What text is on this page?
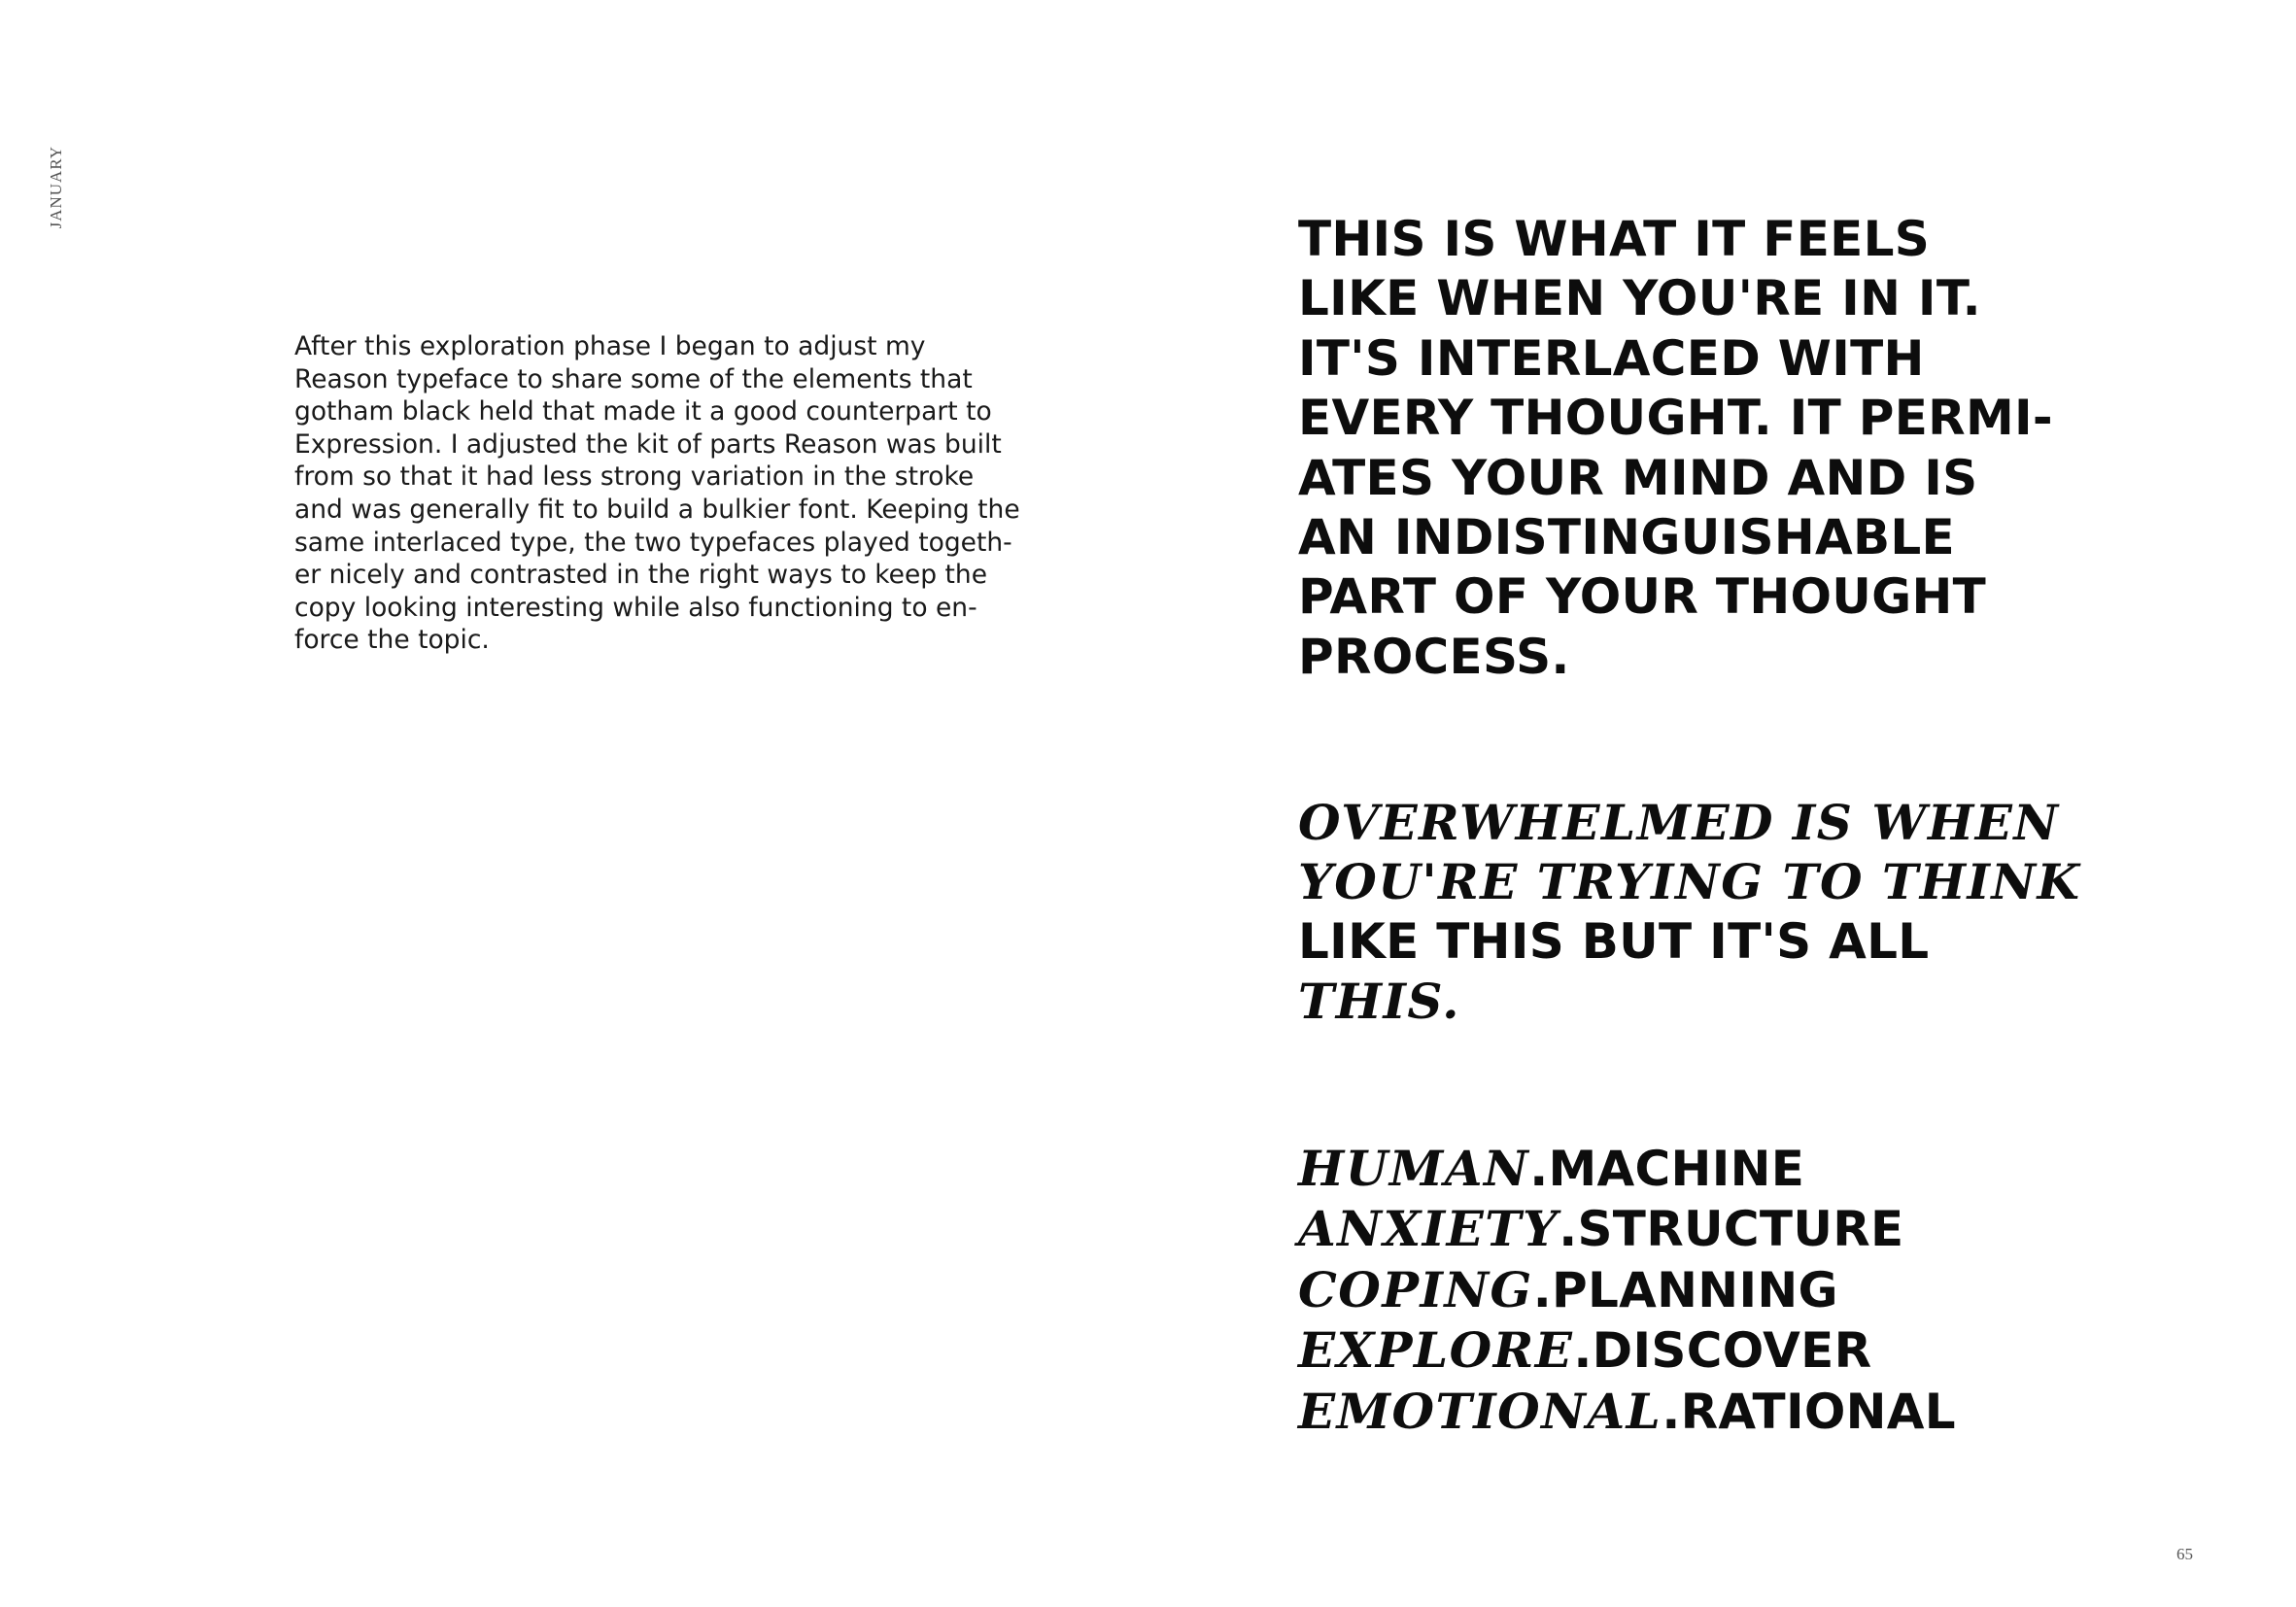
JANUARY
After this exploration phase I began to adjust my
Reason typeface to share some of the elements that
gotham black held that made it a good counterpart to
Expression. I adjusted the kit of parts Reason was built
from so that it had less strong variation in the stroke
and was generally fit to build a bulkier font. Keeping the
same interlaced type, the two typefaces played togeth-
er nicely and contrasted in the right ways to keep the
copy looking interesting while also functioning to en-
force the topic.
THIS IS WHAT IT FEELS
LIKE WHEN YOU'RE IN IT.
IT'S INTERLACED WITH
EVERY THOUGHT. IT PERMI-
ATES YOUR MIND AND IS
AN INDISTINGUISHABLE
PART OF YOUR THOUGHT
PROCESS.
OVERWHELMED IS WHEN
YOU'RE TRYING TO THINK
LIKE THIS BUT IT'S ALL
THIS.
HUMAN.MACHINE
ANXIETY.STRUCTURE
COPING.PLANNING
EXPLORE.DISCOVER
EMOTIONAL.RATIONAL
65
